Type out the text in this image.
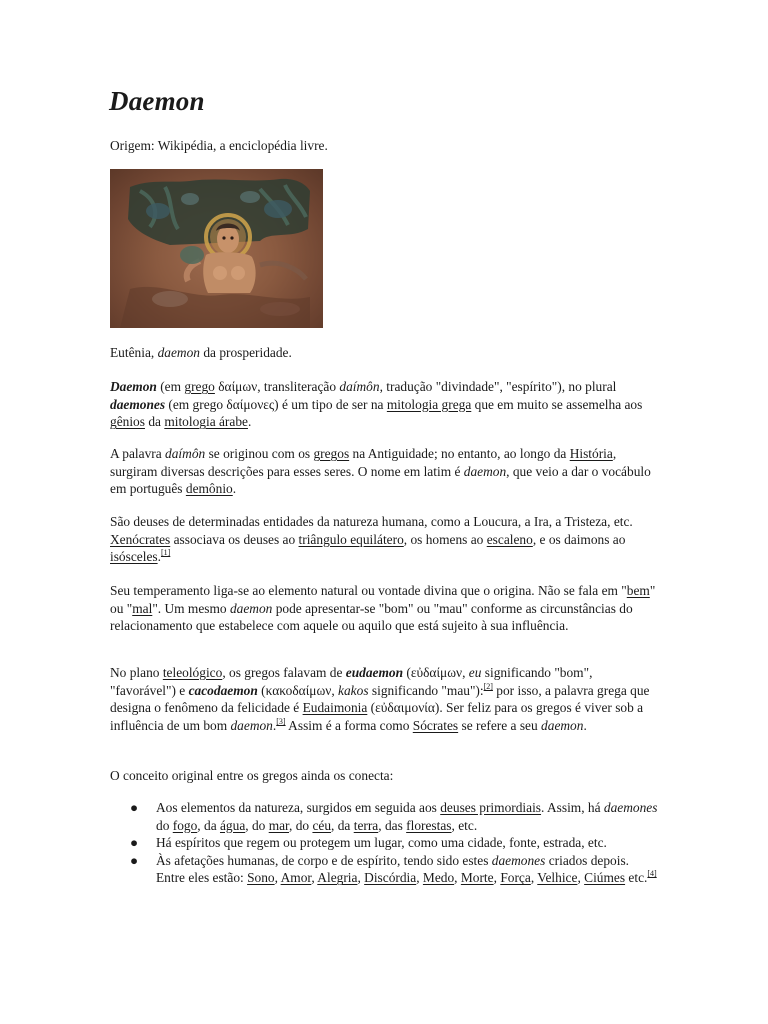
Daemon

Origem: Wikipédia, a enciclopédia livre.

Eutênia, daemon da prosperidade.

Daemon (em grego δαίμων, transliteração daímôn, tradução "divindade", "espírito"), no plural daemones (em grego δαίμονες) é um tipo de ser na mitologia grega que em muito se assemelha aos gênios da mitologia árabe.

A palavra daímôn se originou com os gregos na Antiguidade; no entanto, ao longo da História, surgiram diversas descrições para esses seres. O nome em latim é daemon, que veio a dar o vocábulo em português demônio.

São deuses de determinadas entidades da natureza humana, como a Loucura, a Ira, a Tristeza, etc. Xenócrates associava os deuses ao triângulo equilátero, os homens ao escaleno, e os daimons ao isósceles.[1]

Seu temperamento liga-se ao elemento natural ou vontade divina que o origina. Não se fala em "bem" ou "mal". Um mesmo daemon pode apresentar-se "bom" ou "mau" conforme as circunstâncias do relacionamento que estabelece com aquele ou aquilo que está sujeito à sua influência.

No plano teleológico, os gregos falavam de eudaemon (εὐδαίμων, eu significando "bom", "favorável") e cacodaemon (κακοδαίμων, kakos significando "mau"):[2] por isso, a palavra grega que designa o fenômeno da felicidade é Eudaimonia (εὐδαιμονία). Ser feliz para os gregos é viver sob a influência de um bom daemon.[3] Assim é a forma como Sócrates se refere a seu daemon.

O conceito original entre os gregos ainda os conecta:

● Aos elementos da natureza, surgidos em seguida aos deuses primordiais. Assim, há daemones do fogo, da água, do mar, do céu, da terra, das florestas, etc.
● Há espíritos que regem ou protegem um lugar, como uma cidade, fonte, estrada, etc.
● Às afetações humanas, de corpo e de espírito, tendo sido estes daemones criados depois. Entre eles estão: Sono, Amor, Alegria, Discórdia, Medo, Morte, Força, Velhice, Ciúmes etc.[4]
